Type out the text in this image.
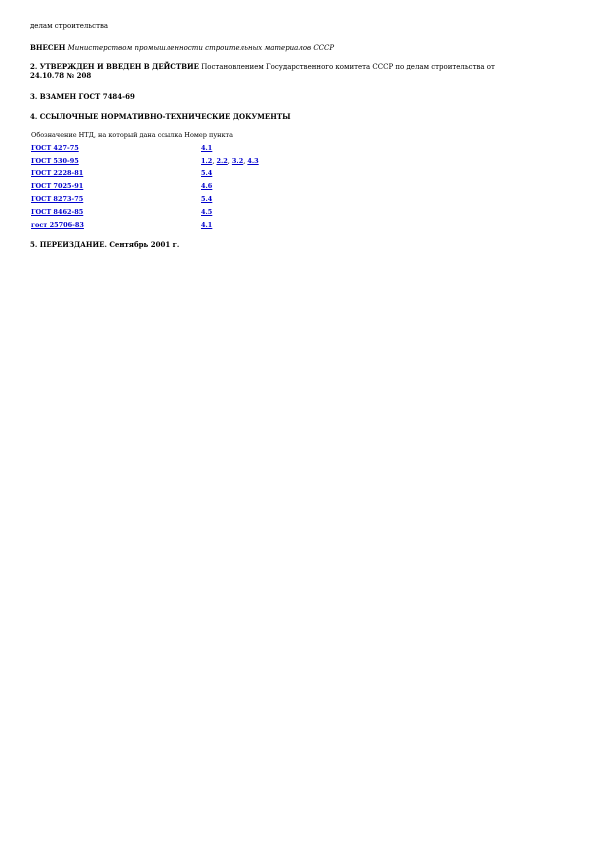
делам строительства
ВНЕСЕН Министерством промышленности строительных материалов СССР
2. УТВЕРЖДЕН И ВВЕДЕН В ДЕЙСТВИЕ Постановлением Государственного комитета СССР по делам строительства от
24.10.78 № 208
3. ВЗАМЕН ГОСТ 7484-69
4. ССЫЛОЧНЫЕ НОРМАТИВНО-ТЕХНИЧЕСКИЕ ДОКУМЕНТЫ
Обозначение НТД, на который дана ссылка Номер пункта	
ГОСТ 427-75	4.1
ГОСТ 530-95	1.2, 2.2, 3.2, 4.3
ГОСТ 2228-81	5.4
ГОСТ 7025-91	4.6
ГОСТ 8273-75	5.4
ГОСТ 8462-85	4.5
гост 25706-83	4.1
5. ПЕРЕИЗДАНИЕ. Сентябрь 2001 г.
